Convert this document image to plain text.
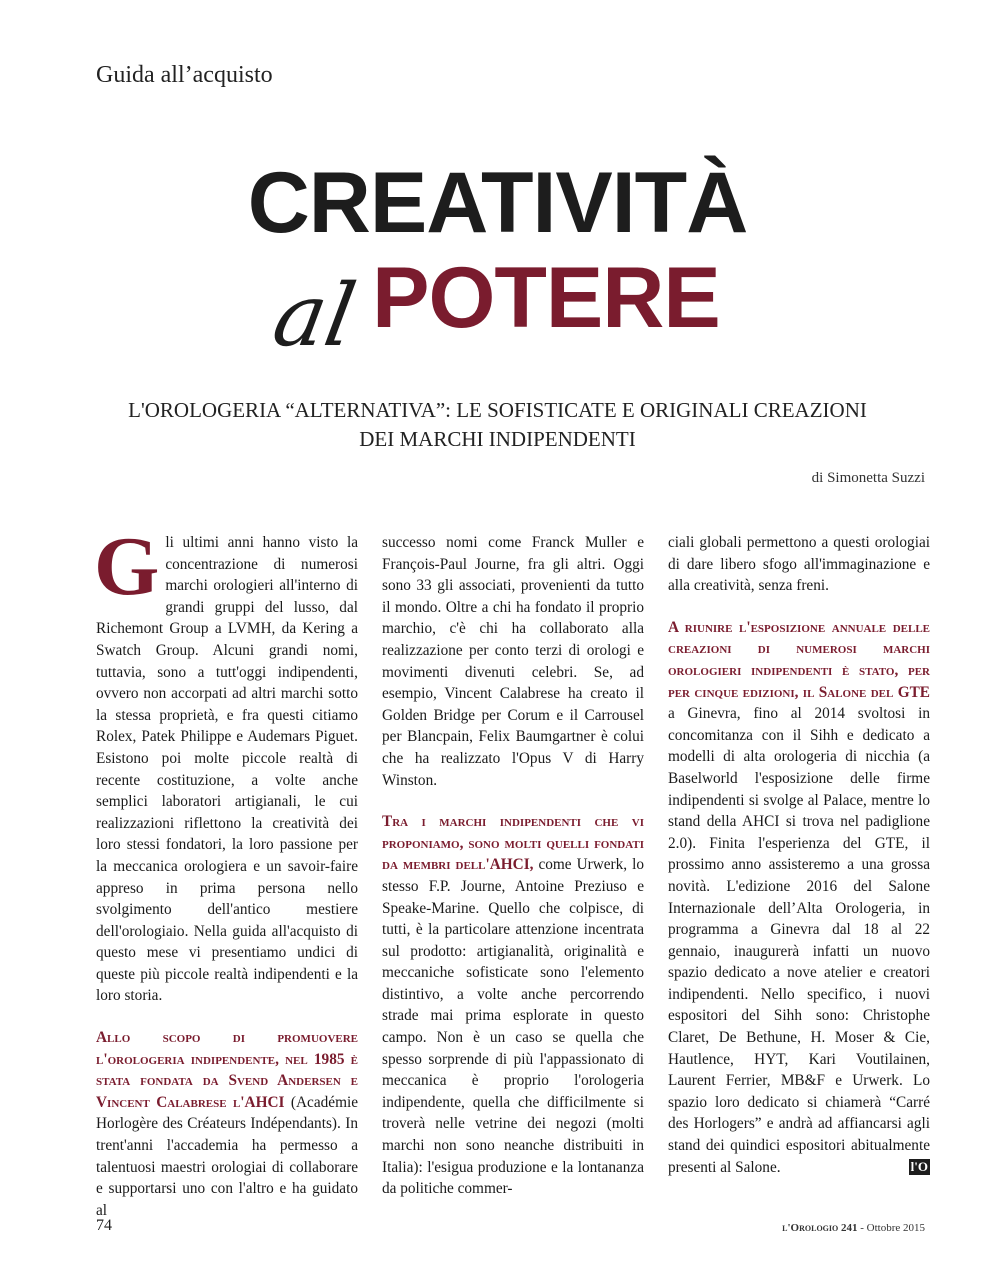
Guida all’acquisto
CREATIVITÀ
al POTERE
L'OROLOGERIA “ALTERNATIVA”: LE SOFISTICATE E ORIGINALI CREAZIONI
DEI MARCHI INDIPENDENTI
di Simonetta Suzzi

Gli ultimi anni hanno visto la concentrazione di numerosi marchi orologieri all'interno di grandi gruppi del lusso, dal Richemont Group a LVMH, da Kering a Swatch Group. Alcuni grandi nomi, tuttavia, sono a tutt'oggi indipendenti, ovvero non accorpati ad altri marchi sotto la stessa proprietà, e fra questi citiamo Rolex, Patek Philippe e Audemars Piguet. Esistono poi molte piccole realtà di recente costituzione, a volte anche semplici laboratori artigianali, le cui realizzazioni riflettono la creatività dei loro stessi fondatori, la loro passione per la meccanica orologiera e un savoir-faire appreso in prima persona nello svolgimento dell'antico mestiere dell'orologiaio. Nella guida all'acquisto di questo mese vi presentiamo undici di queste più piccole realtà indipendenti e la loro storia.

Allo scopo di promuovere l'orologeria indipendente, nel 1985 è stata fondata da Svend Andersen e Vincent Calabrese l'AHCI (Académie Horlogère des Créateurs Indépendants). In trent'anni l'accademia ha permesso a talentuosi maestri orologiai di collaborare e supportarsi uno con l'altro e ha guidato al

successo nomi come Franck Muller e François-Paul Journe, fra gli altri. Oggi sono 33 gli associati, provenienti da tutto il mondo. Oltre a chi ha fondato il proprio marchio, c'è chi ha collaborato alla realizzazione per conto terzi di orologi e movimenti divenuti celebri. Se, ad esempio, Vincent Calabrese ha creato il Golden Bridge per Corum e il Carrousel per Blancpain, Felix Baumgartner è colui che ha realizzato l'Opus V di Harry Winston.

Tra i marchi indipendenti che vi proponiamo, sono molti quelli fondati da membri dell'AHCI, come Urwerk, lo stesso F.P. Journe, Antoine Preziuso e Speake-Marine. Quello che colpisce, di tutti, è la particolare attenzione incentrata sul prodotto: artigianalità, originalità e meccaniche sofisticate sono l'elemento distintivo, a volte anche percorrendo strade mai prima esplorate in questo campo. Non è un caso se quella che spesso sorprende di più l'appassionato di meccanica è proprio l'orologeria indipendente, quella che difficilmente si troverà nelle vetrine dei negozi (molti marchi non sono neanche distribuiti in Italia): l'esigua produzione e la lontananza da politiche commer-

ciali globali permettono a questi orologiai di dare libero sfogo all'immaginazione e alla creatività, senza freni.

A riunire l'esposizione annuale delle creazioni di numerosi marchi orologieri indipendenti è stato, per per cinque edizioni, il Salone del GTE a Ginevra, fino al 2014 svoltosi in concomitanza con il Sihh e dedicato a modelli di alta orologeria di nicchia (a Baselworld l'esposizione delle firme indipendenti si svolge al Palace, mentre lo stand della AHCI si trova nel padiglione 2.0). Finita l'esperienza del GTE, il prossimo anno assisteremo a una grossa novità. L'edizione 2016 del Salone Internazionale dell’Alta Orologeria, in programma a Ginevra dal 18 al 22 gennaio, inaugurerà infatti un nuovo spazio dedicato a nove atelier e creatori indipendenti. Nello specifico, i nuovi espositori del Sihh sono: Christophe Claret, De Bethune, H. Moser & Cie, Hautlence, HYT, Kari Voutilainen, Laurent Ferrier, MB&F e Urwerk. Lo spazio loro dedicato si chiamerà “Carré des Horlogers” e andrà ad affiancarsi agli stand dei quindici espositori abitualmente presenti al Salone.	l'O

74	l'Orologio 241 - Ottobre 2015
